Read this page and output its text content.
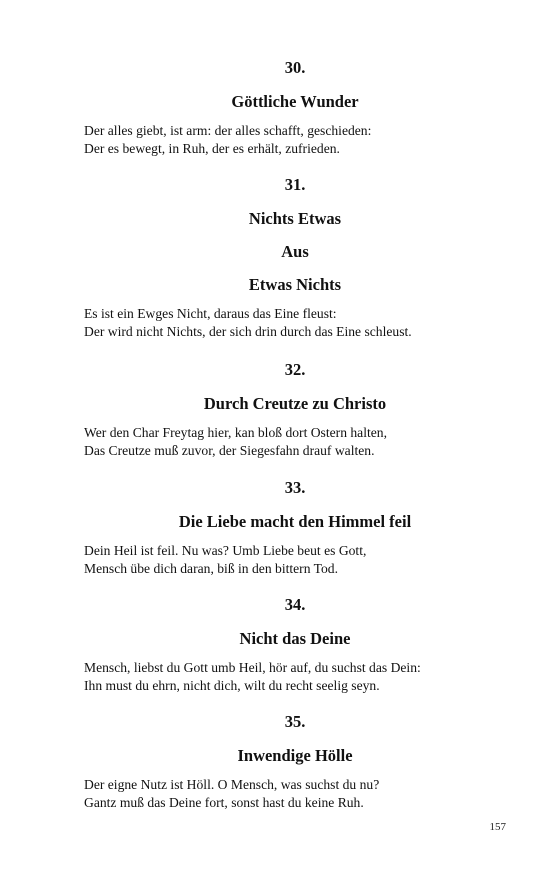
30.

Göttliche Wunder

Der alles giebt, ist arm: der alles schafft, geschieden:
Der es bewegt, in Ruh, der es erhält, zufrieden.

31.

Nichts Etwas

Aus

Etwas Nichts

Es ist ein Ewges Nicht, daraus das Eine fleust:
Der wird nicht Nichts, der sich drin durch das Eine schleust.

32.

Durch Creutze zu Christo

Wer den Char Freytag hier, kan bloß dort Ostern halten,
Das Creutze muß zuvor, der Siegesfahn drauf walten.

33.

Die Liebe macht den Himmel feil

Dein Heil ist feil. Nu was? Umb Liebe beut es Gott,
Mensch übe dich daran, biß in den bittern Tod.

34.

Nicht das Deine

Mensch, liebst du Gott umb Heil, hör auf, du suchst das Dein:
Ihn must du ehrn, nicht dich, wilt du recht seelig seyn.

35.

Inwendige Hölle

Der eigne Nutz ist Höll. O Mensch, was suchst du nu?
Gantz muß das Deine fort, sonst hast du keine Ruh.

157
